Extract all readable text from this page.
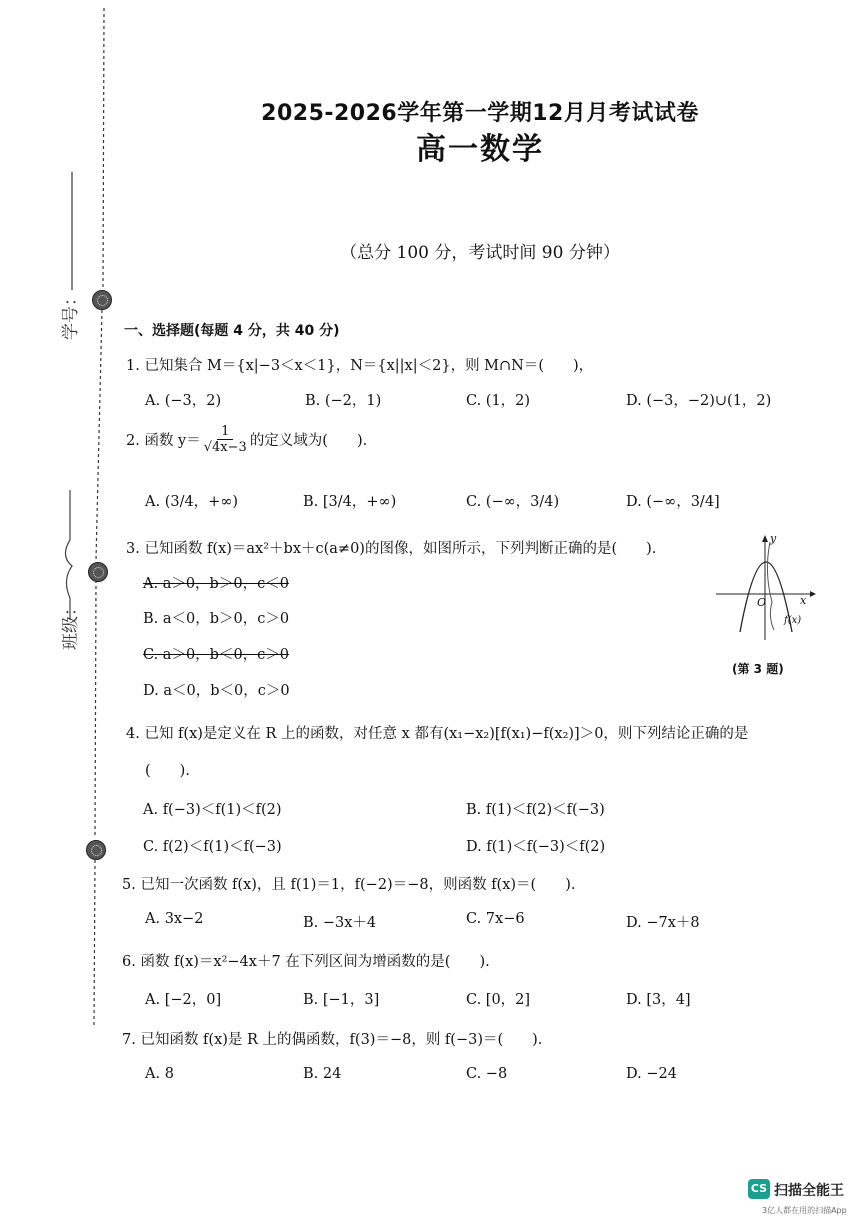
学号：
班级：
2025-2026学年第一学期12月月考试试卷
高一数学
（总分 100 分，考试时间 90 分钟）
一、选择题(每题 4 分，共 40 分)
1. 已知集合 M＝{x|−3＜x＜1}，N＝{x||x|＜2}，则 M∩N＝(　　)，
A. (−3，2)	B. (−2，1)	C. (1，2)	D. (−3，−2)∪(1，2)
2. 函数 $y= \frac{1}{√4x-3}$ 的定义域为(　　).
A. (3/4，+∞)	B. [3/4，+∞)	C. (−∞，3/4)	D. (−∞，3/4]
3. 已知函数 f(x)＝ax²＋bx＋c(a≠0)的图像，如图所示，下列判断正确的是(　　).
A. a＞0，b＞0，c＜0
B. a＜0，b＞0，c＞0
C. a＞0，b＜0，c＞0
D. a＜0，b＜0，c＞0
y
x
O
f(x)
(第 3 题)
4. 已知 f(x)是定义在 R 上的函数，对任意 x 都有(x₁−x₂)[f(x₁)−f(x₂)]＞0，则下列结论正确的是
(　　).
A. f(−3)＜f(1)＜f(2)	B. f(1)＜f(2)＜f(−3)
C. f(2)＜f(1)＜f(−3)	D. f(1)＜f(−3)＜f(2)
5. 已知一次函数 f(x)，且 f(1)＝1，f(−2)＝−8，则函数 f(x)＝(　　).
A. 3x−2	B. −3x＋4	C. 7x−6	D. −7x＋8
6. 函数 f(x)＝x²−4x＋7 在下列区间为增函数的是(　　).
A. [−2，0]	B. [−1，3]	C. [0，2]	D. [3，4]
7. 已知函数 f(x)是 R 上的偶函数，f(3)＝−8，则 f(−3)＝(　　).
A. 8	B. 24	C. −8	D. −24
CS 扫描全能王
3亿人都在用的扫描App
